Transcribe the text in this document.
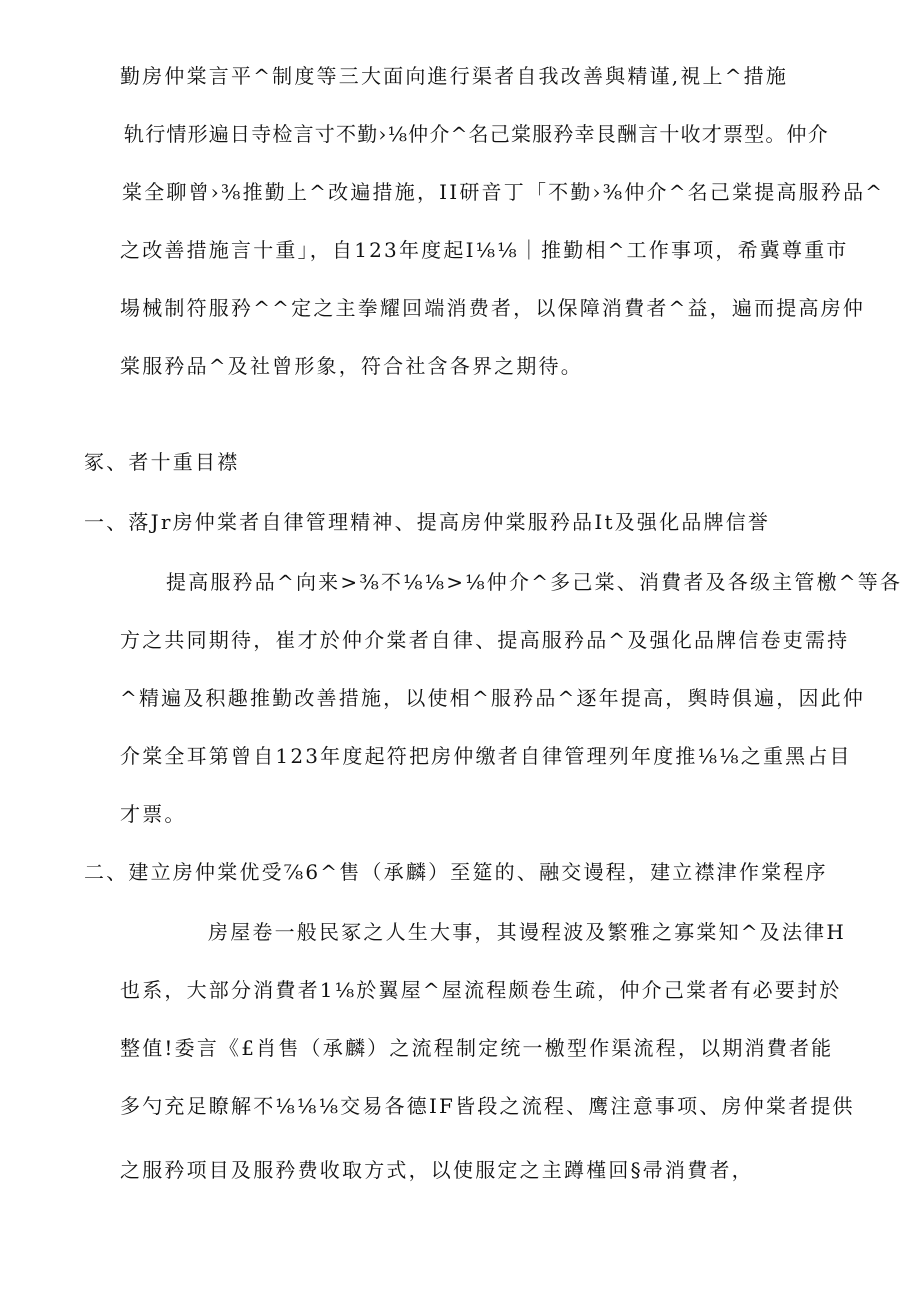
勤房仲棠言平^制度等三大面向進行渠者自我改善與精谨,視上^措施
轨行情形遍日寺检言寸不勤›⅛仲介^名己棠服矜幸艮酬言十收才票型。仲介
棠全聊曾›⅜推勤上^改遍措施，II研音丁「不勤›⅜仲介^名己棠提高服矜品^
之改善措施言十重」，自123年度起I⅛⅛｜推勤相^工作事项，希冀尊重市
場械制符服矜^^定之主拳耀回端消费者，以保障消費者^益，遍而提高房仲
棠服矜品^及社曾形象，符合社含各界之期待。
冢、者十重目襟
一、落Jr房仲棠者自律管理精神、提高房仲棠服矜品It及强化品牌信誉
提高服矜品^向来>⅜不⅛⅛>⅛仲介^多己棠、消費者及各级主管檄^等各
方之共同期待，崔才於仲介棠者自律、提高服矜品^及强化品牌信卷吏需持
^精遍及积趣推勤改善措施，以使相^服矜品^逐年提高，舆時俱遍，因此仲
介棠全耳第曾自123年度起符把房仲缴者自律管理列年度推⅛⅛之重黑占目
才票。
二、建立房仲棠优受⅞6^售（承麟）至筵的、融交谩程，建立襟津作棠程序
房屋卷一般民冢之人生大事，其谩程波及繁雅之寡棠知^及法律H
也系，大部分消費者1⅛於翼屋^屋流程颇卷生疏，仲介己棠者有必要封於
整值!委言《£肖售（承麟）之流程制定统一檄型作渠流程，以期消費者能
多勺充足瞭解不⅛⅛⅛交易各德IF皆段之流程、鹰注意事项、房仲棠者提供
之服矜项目及服矜费收取方式，以使服定之主蹲槿回§帚消費者，
